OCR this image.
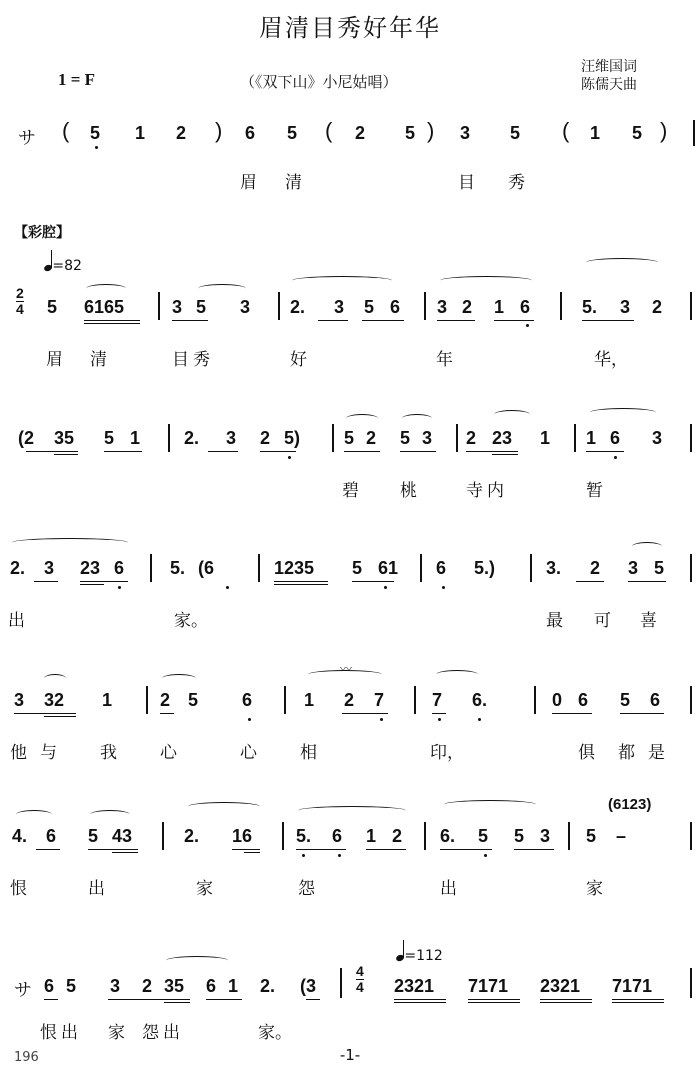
眉清目秀好年华
1 = F	（《双下山》小尼姑唱）
汪维国词
陈儒天曲
サ ( 5 1 2 ) 6 5 ( 2 5 ) 3 5 ( 1 5 )
眉 清	目 秀
【彩腔】
=82
2
4 5 6165	3 5 3 2. 3 5 6 3 2 1 6	5. 3 2
眉 清	目秀	好	年	华，
(2 35 5 1 2. 3 2 5) 5 2 5 3 2 23 1 1 6 3
碧 桃	寺内	暂
2. 3 23 6	5. (6	1235 5 61 6 5.)	3. 2 3 5
出	家。	最 可 喜
3 32 1	2 5 6	1 2 7
〰
7 6.	0 6 5 6
他 与	我	心	心	相	印，	俱 都 是
4. 6 5 43	2. 16 5. 6 1 2 6. 5 5 3 5 –
(6123)
恨	出	家	怨	出	家
=112
サ 6 5 3 2 35 6 1 2. (3
4
4 2321 7171 2321 7171
恨出 家 怨出	家。
196	-1-
